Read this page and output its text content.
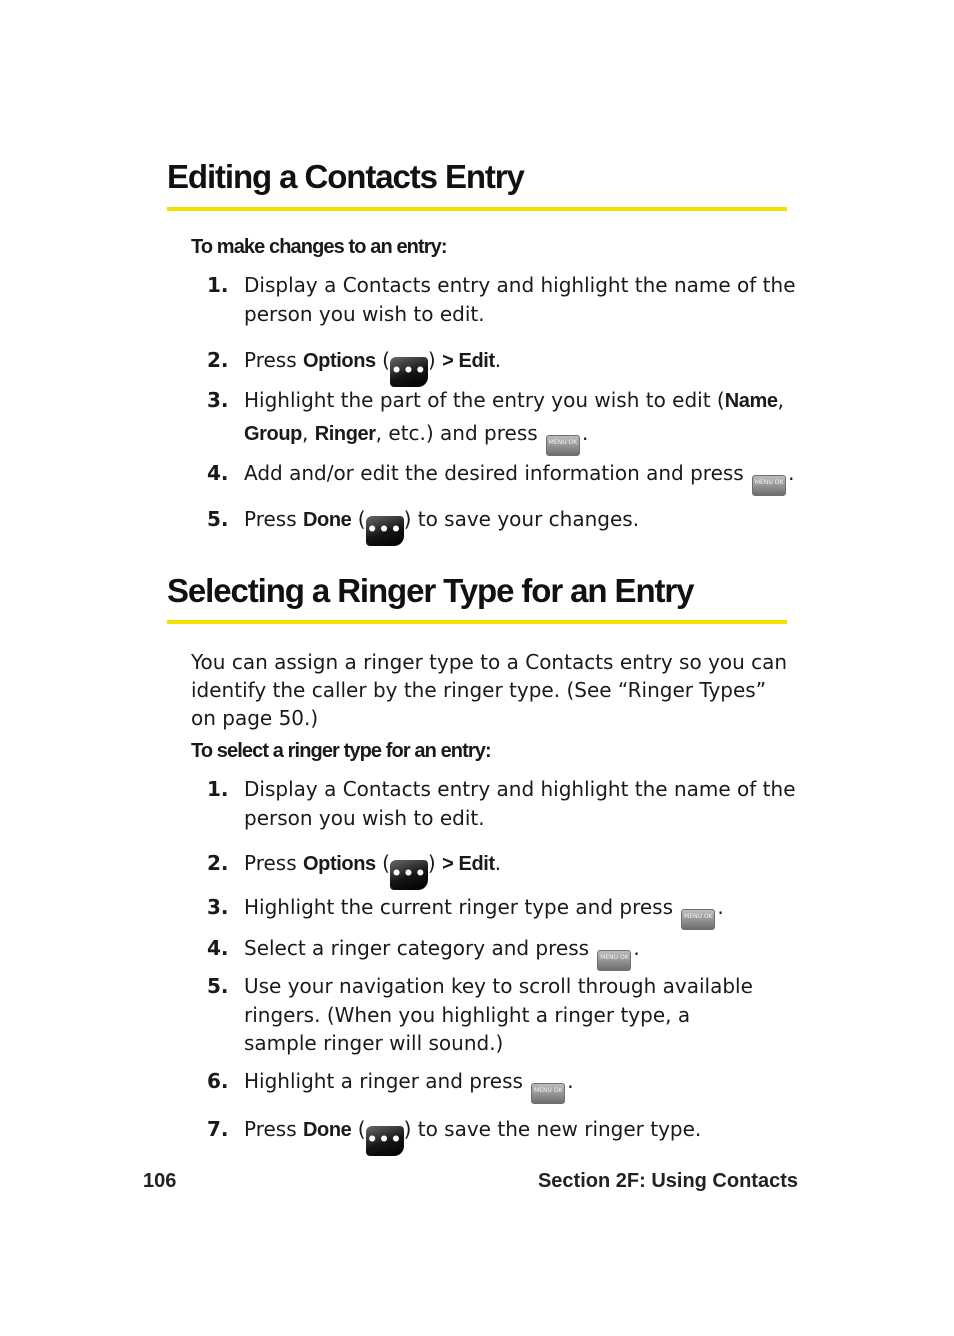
Editing a Contacts Entry

To make changes to an entry:

1. Display a Contacts entry and highlight the name of the person you wish to edit.
2. Press Options (•••) > Edit.
3. Highlight the part of the entry you wish to edit (Name, Group, Ringer, etc.) and press MENU OK .
4. Add and/or edit the desired information and press MENU OK .
5. Press Done (•••) to save your changes.
Selecting a Ringer Type for an Entry

You can assign a ringer type to a Contacts entry so you can identify the caller by the ringer type. (See “Ringer Types” on page 50.)

To select a ringer type for an entry:

1. Display a Contacts entry and highlight the name of the person you wish to edit.
2. Press Options (•••) > Edit.
3. Highlight the current ringer type and press MENU OK .
4. Select a ringer category and press MENU OK .
5. Use your navigation key to scroll through available ringers. (When you highlight a ringer type, a sample ringer will sound.)
6. Highlight a ringer and press MENU OK .
7. Press Done (•••) to save the new ringer type.

106	Section 2F: Using Contacts
